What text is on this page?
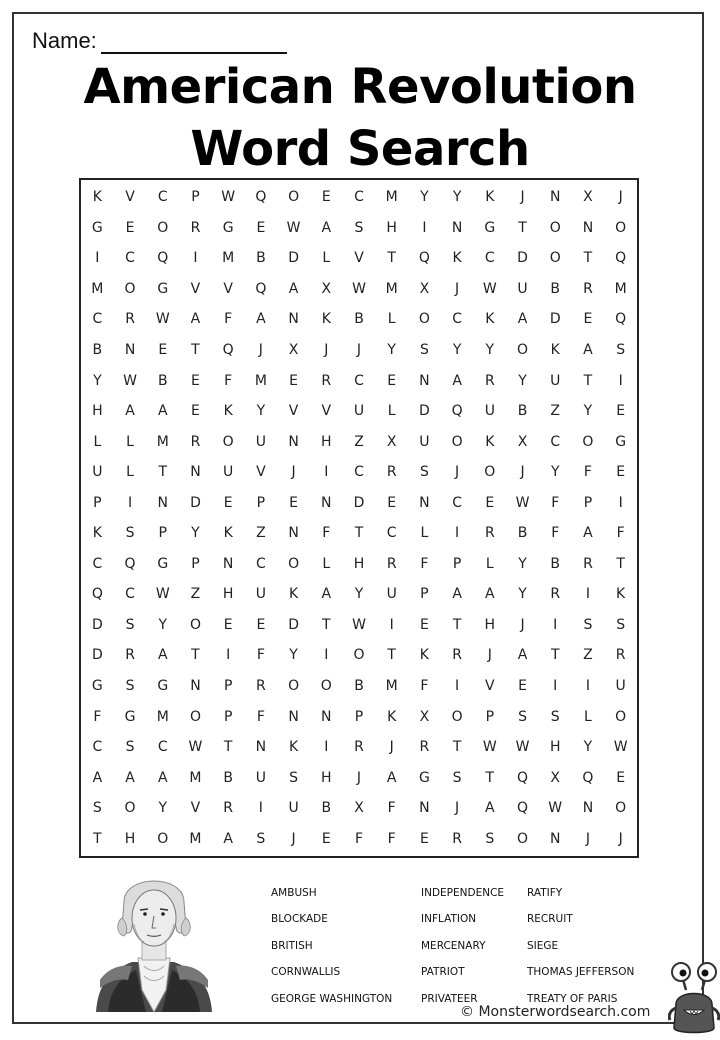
Name:
American Revolution
Word Search
K	V	C	P	W	Q	O	E	C	M	Y	Y	K	J	N	X	J
G	E	O	R	G	E	W	A	S	H	I	N	G	T	O	N	O
I	C	Q	I	M	B	D	L	V	T	Q	K	C	D	O	T	Q
M	O	G	V	V	Q	A	X	W	M	X	J	W	U	B	R	M
C	R	W	A	F	A	N	K	B	L	O	C	K	A	D	E	Q
B	N	E	T	Q	J	X	J	J	Y	S	Y	Y	O	K	A	S
Y	W	B	E	F	M	E	R	C	E	N	A	R	Y	U	T	I
H	A	A	E	K	Y	V	V	U	L	D	Q	U	B	Z	Y	E
L	L	M	R	O	U	N	H	Z	X	U	O	K	X	C	O	G
U	L	T	N	U	V	J	I	C	R	S	J	O	J	Y	F	E
P	I	N	D	E	P	E	N	D	E	N	C	E	W	F	P	I
K	S	P	Y	K	Z	N	F	T	C	L	I	R	B	F	A	F
C	Q	G	P	N	C	O	L	H	R	F	P	L	Y	B	R	T
Q	C	W	Z	H	U	K	A	Y	U	P	A	A	Y	R	I	K
D	S	Y	O	E	E	D	T	W	I	E	T	H	J	I	S	S
D	R	A	T	I	F	Y	I	O	T	K	R	J	A	T	Z	R
G	S	G	N	P	R	O	O	B	M	F	I	V	E	I	I	U
F	G	M	O	P	F	N	N	P	K	X	O	P	S	S	L	O
C	S	C	W	T	N	K	I	R	J	R	T	W	W	H	Y	W
A	A	A	M	B	U	S	H	J	A	G	S	T	Q	X	Q	E
S	O	Y	V	R	I	U	B	X	F	N	J	A	Q	W	N	O
T	H	O	M	A	S	J	E	F	F	E	R	S	O	N	J	J
AMBUSH
BLOCKADE
BRITISH
CORNWALLIS
GEORGE WASHINGTON
INDEPENDENCE
INFLATION
MERCENARY
PATRIOT
PRIVATEER
RATIFY
RECRUIT
SIEGE
THOMAS JEFFERSON
TREATY OF PARIS
© Monsterwordsearch.com
